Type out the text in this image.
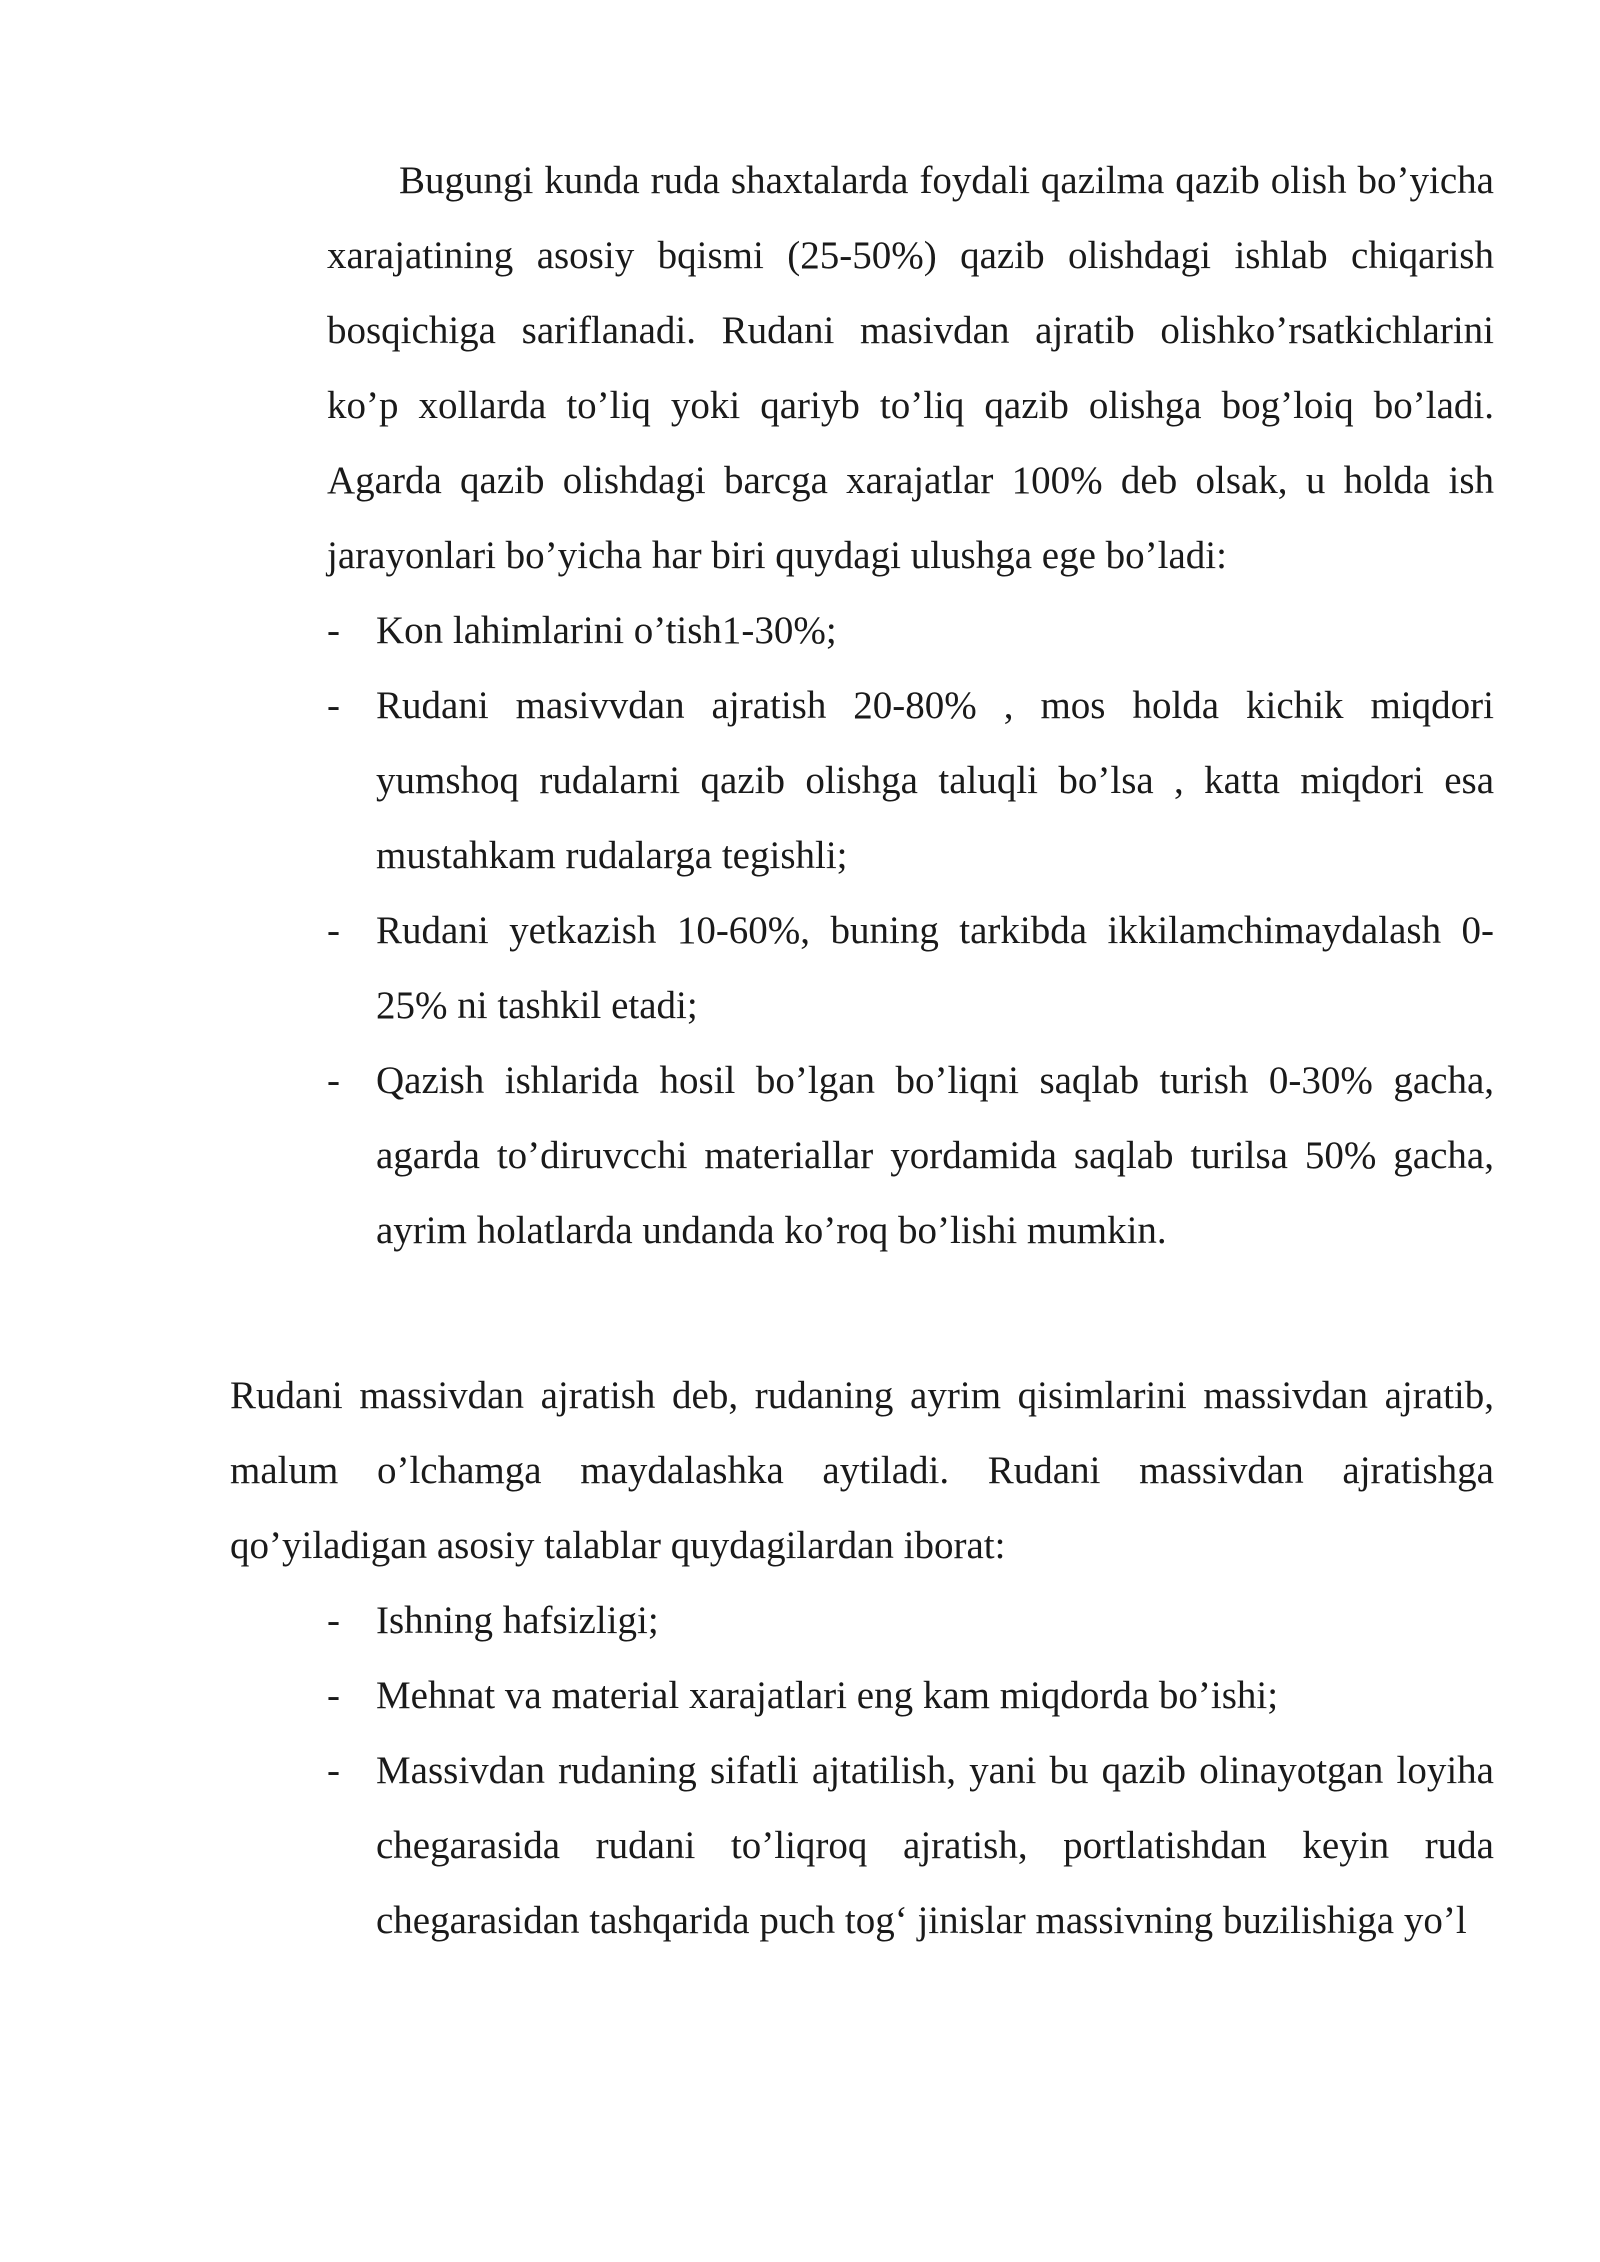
Bugungi kunda ruda shaxtalarda foydali qazilma qazib olish bo’yicha xarajatining asosiy bqismi (25-50%) qazib olishdagi ishlab chiqarish bosqichiga sariflanadi. Rudani masivdan ajratib olishko’rsatkichlarini ko’p xollarda to’liq yoki qariyb to’liq qazib olishga bog’loiq bo’ladi. Agarda qazib olishdagi barcga xarajatlar 100% deb olsak, u holda ish jarayonlari bo’yicha har biri quydagi ulushga ege bo’ladi:

- Kon lahimlarini o’tish1-30%;
- Rudani masivvdan ajratish 20-80% , mos holda kichik miqdori yumshoq rudalarni qazib olishga taluqli bo’lsa , katta miqdori esa mustahkam rudalarga tegishli;
- Rudani yetkazish 10-60%, buning tarkibda ikkilamchimaydalash 0-25% ni tashkil etadi;
- Qazish ishlarida hosil bo’lgan bo’liqni saqlab turish 0-30% gacha, agarda to’diruvcchi materiallar yordamida saqlab turilsa 50% gacha, ayrim holatlarda undanda ko’roq bo’lishi mumkin.

Rudani massivdan ajratish deb, rudaning ayrim qisimlarini massivdan ajratib, malum o’lchamga maydalashka aytiladi. Rudani massivdan ajratishga qo’yiladigan asosiy talablar quydagilardan iborat:

- Ishning hafsizligi;
- Mehnat va material xarajatlari eng kam miqdorda bo’ishi;
- Massivdan rudaning sifatli ajtatilish, yani bu qazib olinayotgan loyiha chegarasida rudani to’liqroq ajratish, portlatishdan keyin ruda chegarasidan tashqarida puch tog‘ jinislar massivning buzilishiga yo’l
